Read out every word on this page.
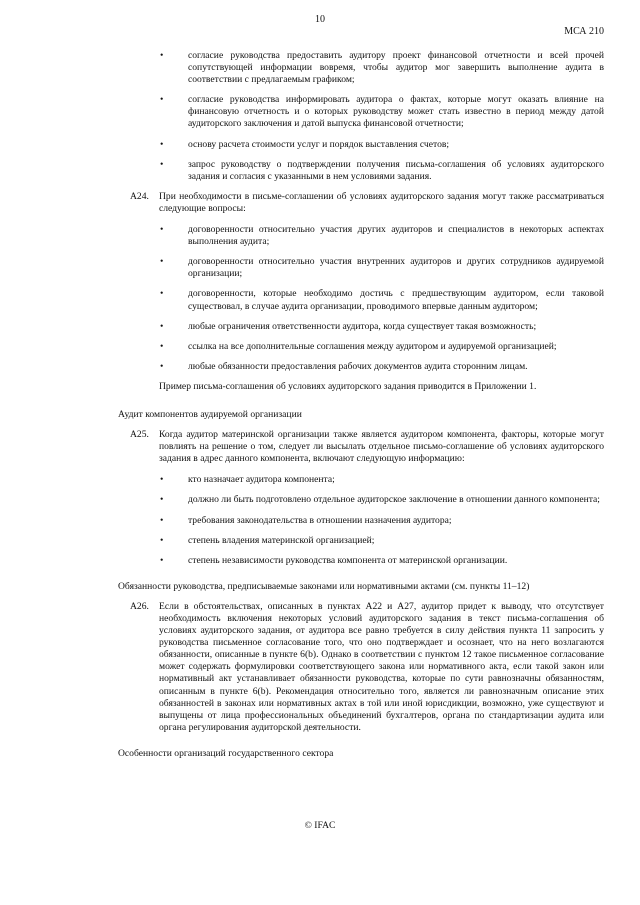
10
МСА 210
•	согласие руководства предоставить аудитору проект финансовой отчетности и всей прочей сопутствующей информации вовремя, чтобы аудитор мог завершить выполнение аудита в соответствии с предлагаемым графиком;
•	согласие руководства информировать аудитора о фактах, которые могут оказать влияние на финансовую отчетность и о которых руководству может стать известно в период между датой аудиторского заключения и датой выпуска финансовой отчетности;
•	основу расчета стоимости услуг и порядок выставления счетов;
•	запрос руководству о подтверждении получения письма-соглашения об условиях аудиторского задания и согласия с указанными в нем условиями задания.

A24. При необходимости в письме-соглашении об условиях аудиторского задания могут также рассматриваться следующие вопросы:

•	договоренности относительно участия других аудиторов и специалистов в некоторых аспектах выполнения аудита;
•	договоренности относительно участия внутренних аудиторов и других сотрудников аудируемой организации;
•	договоренности, которые необходимо достичь с предшествующим аудитором, если таковой существовал, в случае аудита организации, проводимого впервые данным аудитором;
•	любые ограничения ответственности аудитора, когда существует такая возможность;
•	ссылка на все дополнительные соглашения между аудитором и аудируемой организацией;
•	любые обязанности предоставления рабочих документов аудита сторонним лицам.

Пример письма-соглашения об условиях аудиторского задания приводится в Приложении 1.

Аудит компонентов аудируемой организации

A25. Когда аудитор материнской организации также является аудитором компонента, факторы, которые могут повлиять на решение о том, следует ли высылать отдельное письмо-соглашение об условиях аудиторского задания в адрес данного компонента, включают следующую информацию:

•	кто назначает аудитора компонента;
•	должно ли быть подготовлено отдельное аудиторское заключение в отношении данного компонента;
•	требования законодательства в отношении назначения аудитора;
•	степень владения материнской организацией;
•	степень независимости руководства компонента от материнской организации.

Обязанности руководства, предписываемые законами или нормативными актами (см. пункты 11–12)

A26. Если в обстоятельствах, описанных в пунктах А22 и А27, аудитор придет к выводу, что отсутствует необходимость включения некоторых условий аудиторского задания в текст письма-соглашения об условиях аудиторского задания, от аудитора все равно требуется в силу действия пункта 11 запросить у руководства письменное согласование того, что оно подтверждает и осознает, что на него возлагаются обязанности, описанные в пункте 6(b). Однако в соответствии с пунктом 12 такое письменное согласование может содержать формулировки соответствующего закона или нормативного акта, если такой закон или нормативный акт устанавливает обязанности руководства, которые по сути равнозначны обязанностям, описанным в пункте 6(b). Рекомендация относительно того, является ли равнозначным описание этих обязанностей в законах или нормативных актах в той или иной юрисдикции, возможно, уже существуют и выпущены от лица профессиональных объединений бухгалтеров, органа по стандартизации аудита или органа регулирования аудиторской деятельности.

Особенности организаций государственного сектора

© IFAC
